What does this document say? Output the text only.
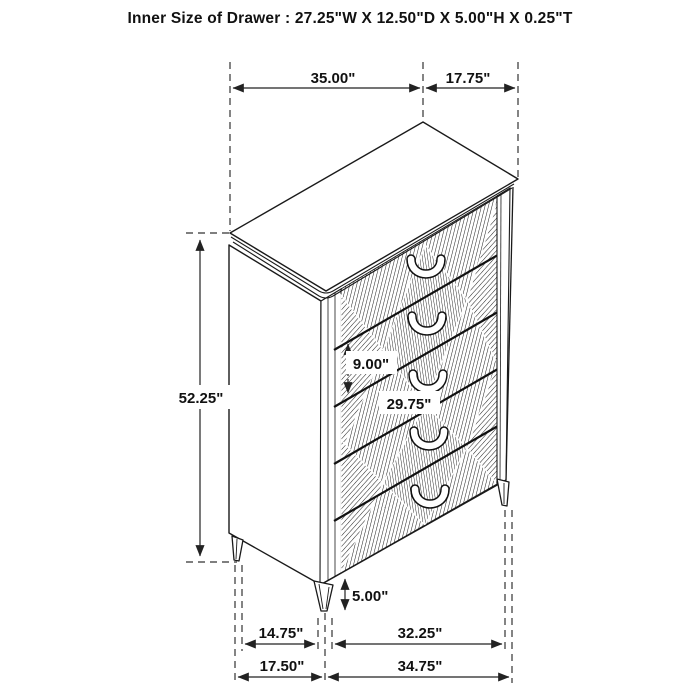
Inner Size of Drawer : 27.25"W X 12.50"D X 5.00"H X 0.25"T
35.00"	17.75"
52.25"
9.00"
29.75"
5.00"
14.75"	32.25"
17.50"	34.75"
